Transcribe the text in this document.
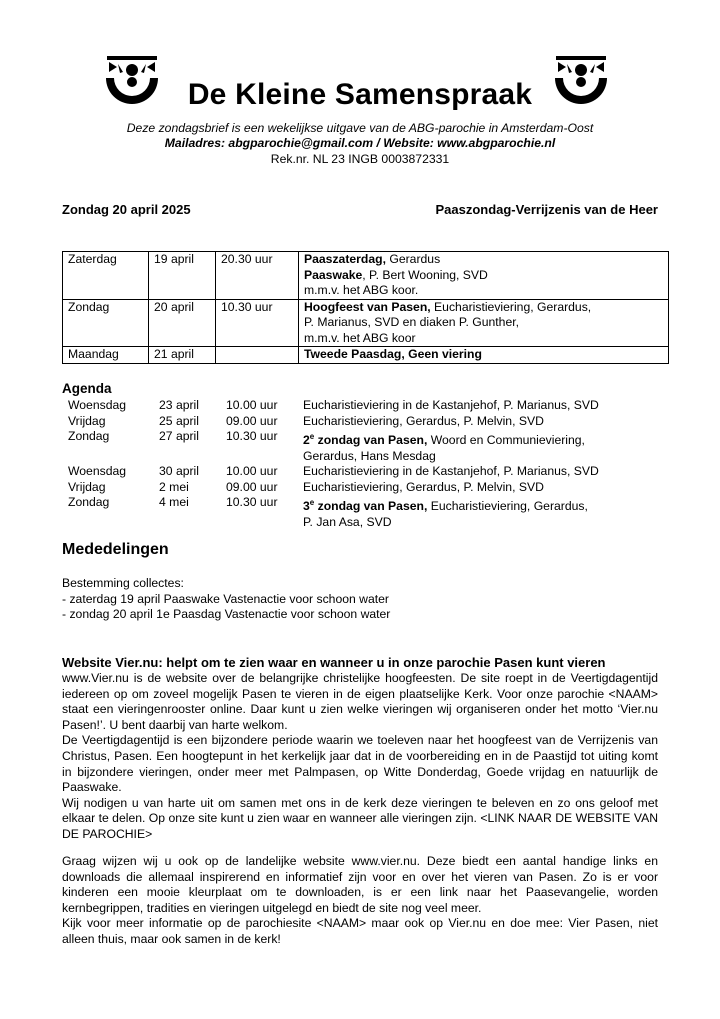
De Kleine Samenspraak
Deze zondagsbrief is een wekelijkse uitgave van de ABG-parochie in Amsterdam-Oost
Mailadres: abgparochie@gmail.com / Website: www.abgparochie.nl
Rek.nr. NL 23 INGB 0003872331
Zondag 20 april 2025	Paaszondag-Verrijzenis van de Heer
Zaterdag	19 april	20.30 uur	Paaszaterdag, Gerardus
Paaswake, P. Bert Wooning, SVD
m.m.v. het ABG koor.

Zondag	20 april	10.30 uur	Hoogfeest van Pasen, Eucharistieviering, Gerardus,
P. Marianus, SVD en diaken P. Gunther,
m.m.v. het ABG koor

Maandag	21 april		Tweede Paasdag, Geen viering
Agenda
Woensdag	23 april	10.00 uur	Eucharistieviering in de Kastanjehof, P. Marianus, SVD

Vrijdag	25 april	09.00 uur	Eucharistieviering, Gerardus, P. Melvin, SVD

Zondag	27 april	10.30 uur	2e zondag van Pasen, Woord en Communieviering,
Gerardus, Hans Mesdag

Woensdag	30 april	10.00 uur	Eucharistieviering in de Kastanjehof, P. Marianus, SVD

Vrijdag	2 mei	09.00 uur	Eucharistieviering, Gerardus, P. Melvin, SVD

Zondag	4 mei	10.30 uur	3e zondag van Pasen, Eucharistieviering, Gerardus,
P. Jan Asa, SVD
Mededelingen
Bestemming collectes:
- zaterdag 19 april Paaswake Vastenactie voor schoon water
- zondag 20 april 1e Paasdag Vastenactie voor schoon water
Website Vier.nu: helpt om te zien waar en wanneer u in onze parochie Pasen kunt vieren

www.Vier.nu is de website over de belangrijke christelijke hoogfeesten. De site roept in de Veertigdagentijd iedereen op om zoveel mogelijk Pasen te vieren in de eigen plaatselijke Kerk. Voor onze parochie <NAAM> staat een vieringenrooster online. Daar kunt u zien welke vieringen wij organiseren onder het motto ‘Vier.nu Pasen!’. U bent daarbij van harte welkom.

De Veertigdagentijd is een bijzondere periode waarin we toeleven naar het hoogfeest van de Verrijzenis van Christus, Pasen. Een hoogtepunt in het kerkelijk jaar dat in de voorbereiding en in de Paastijd tot uiting komt in bijzondere vieringen, onder meer met Palmpasen, op Witte Donderdag, Goede vrijdag en natuurlijk de Paaswake.

Wij nodigen u van harte uit om samen met ons in de kerk deze vieringen te beleven en zo ons geloof met elkaar te delen. Op onze site kunt u zien waar en wanneer alle vieringen zijn. <LINK NAAR DE WEBSITE VAN DE PAROCHIE>

Graag wijzen wij u ook op de landelijke website www.vier.nu. Deze biedt een aantal handige links en downloads die allemaal inspirerend en informatief zijn voor en over het vieren van Pasen. Zo is er voor kinderen een mooie kleurplaat om te downloaden, is er een link naar het Paasevangelie, worden kernbegrippen, tradities en vieringen uitgelegd en biedt de site nog veel meer.

Kijk voor meer informatie op de parochiesite <NAAM> maar ook op Vier.nu en doe mee: Vier Pasen, niet alleen thuis, maar ook samen in de kerk!
